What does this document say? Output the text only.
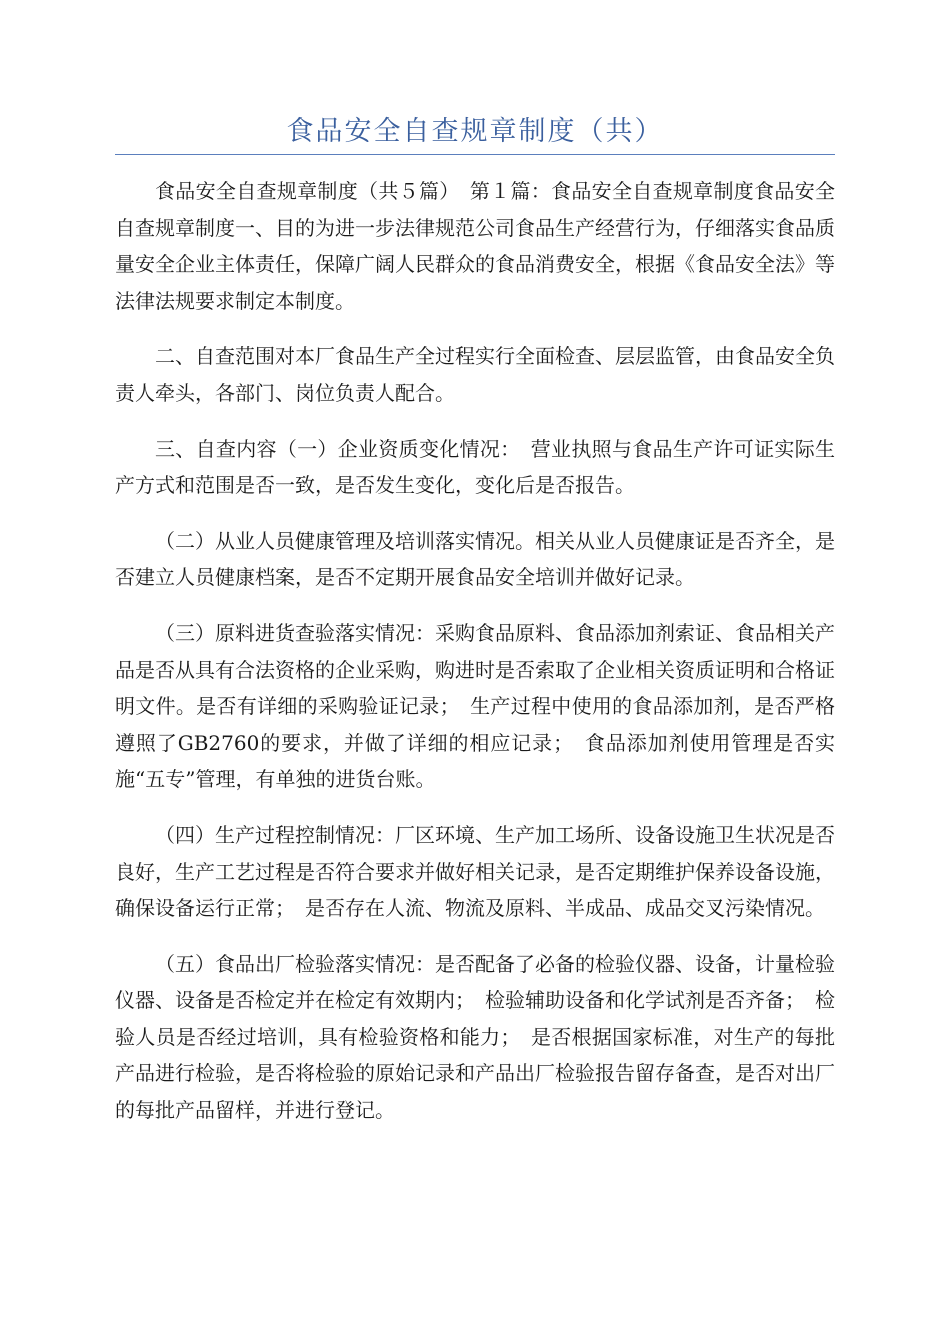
食品安全自查规章制度（共）

食品安全自查规章制度（共５篇）　第１篇：食品安全自查规章制度食品安全自查规章制度一、目的为进一步法律规范公司食品生产经营行为，仔细落实食品质量安全企业主体责任，保障广阔人民群众的食品消费安全，根据《食品安全法》等法律法规要求制定本制度。

二、自查范围对本厂食品生产全过程实行全面检查、层层监管，由食品安全负责人牵头，各部门、岗位负责人配合。

三、自查内容（一）企业资质变化情况：　营业执照与食品生产许可证实际生产方式和范围是否一致，是否发生变化，变化后是否报告。

（二）从业人员健康管理及培训落实情况。相关从业人员健康证是否齐全，是否建立人员健康档案，是否不定期开展食品安全培训并做好记录。

（三）原料进货查验落实情况：采购食品原料、食品添加剂索证、食品相关产品是否从具有合法资格的企业采购，购进时是否索取了企业相关资质证明和合格证明文件。是否有详细的采购验证记录；　生产过程中使用的食品添加剂，是否严格遵照了GB2760的要求，并做了详细的相应记录；　食品添加剂使用管理是否实施“五专”管理，有单独的进货台账。

（四）生产过程控制情况：厂区环境、生产加工场所、设备设施卫生状况是否良好，生产工艺过程是否符合要求并做好相关记录，是否定期维护保养设备设施，确保设备运行正常；　是否存在人流、物流及原料、半成品、成品交叉污染情况。

（五）食品出厂检验落实情况：是否配备了必备的检验仪器、设备，计量检验仪器、设备是否检定并在检定有效期内；　检验辅助设备和化学试剂是否齐备；　检验人员是否经过培训，具有检验资格和能力；　是否根据国家标准，对生产的每批产品进行检验，是否将检验的原始记录和产品出厂检验报告留存备查，是否对出厂的每批产品留样，并进行登记。
